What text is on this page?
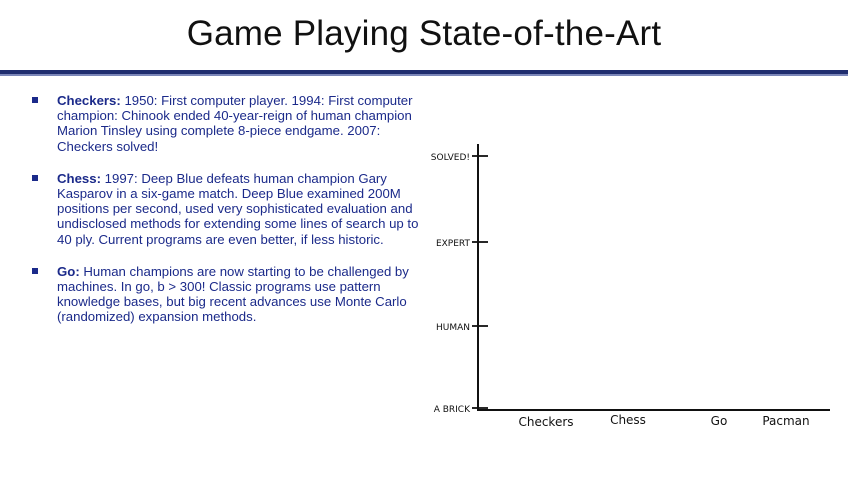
Game Playing State-of-the-Art
Checkers: 1950: First computer player. 1994: First computer champion: Chinook ended 40-year-reign of human champion Marion Tinsley using complete 8-piece endgame. 2007: Checkers solved!
Chess: 1997: Deep Blue defeats human champion Gary Kasparov in a six-game match. Deep Blue examined 200M positions per second, used very sophisticated evaluation and undisclosed methods for extending some lines of search up to 40 ply. Current programs are even better, if less historic.
Go: Human champions are now starting to be challenged by machines. In go, b > 300! Classic programs use pattern knowledge bases, but big recent advances use Monte Carlo (randomized) expansion methods.
SOLVED!
EXPERT
HUMAN
A BRICK
Checkers	Chess	Go	Pacman
